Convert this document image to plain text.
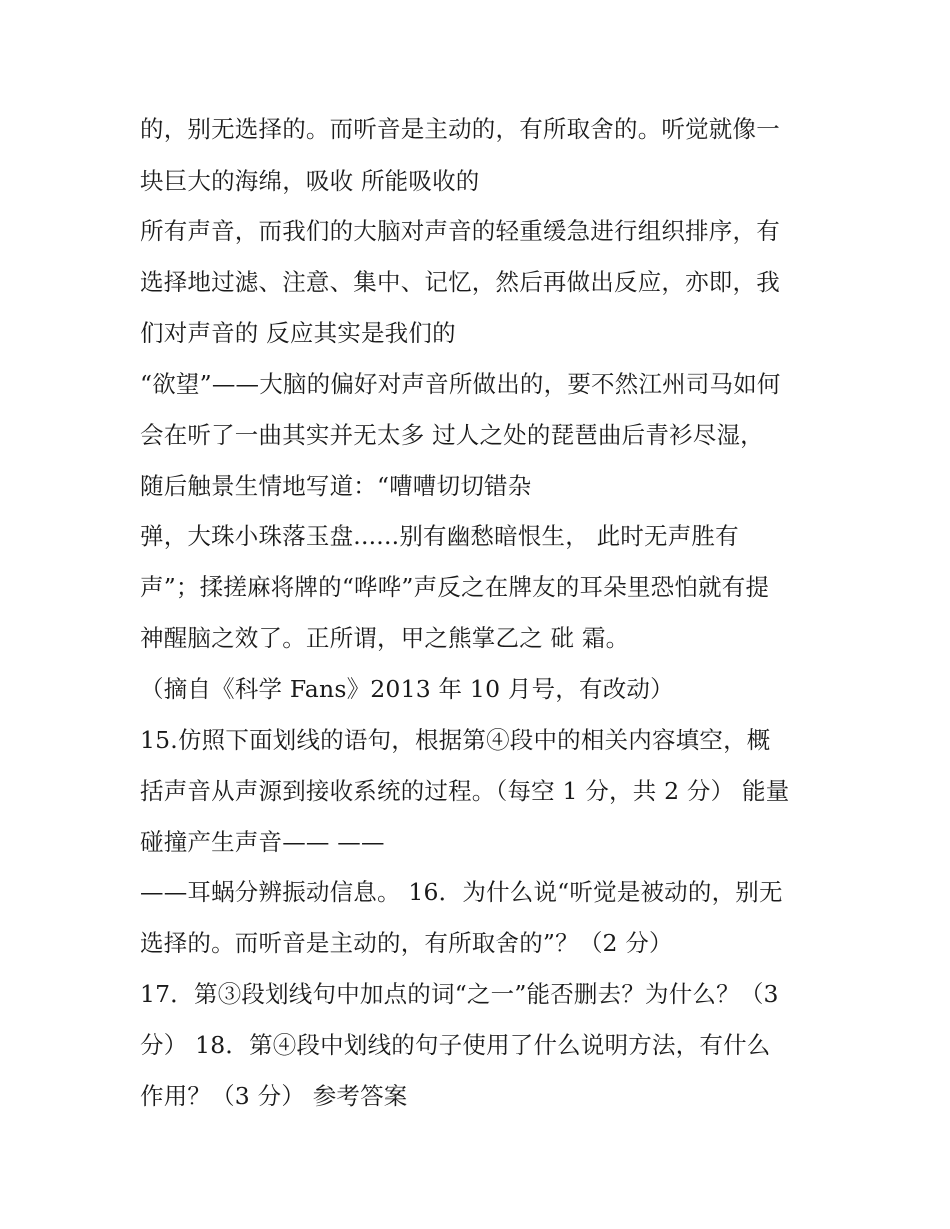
的，别无选择的。而听音是主动的，有所取舍的。听觉就像一
块巨大的海绵，吸收 所能吸收的
所有声音，而我们的大脑对声音的轻重缓急进行组织排序，有
选择地过滤、注意、集中、记忆，然后再做出反应，亦即，我
们对声音的 反应其实是我们的
“欲望”——大脑的偏好对声音所做出的，要不然江州司马如何
会在听了一曲其实并无太多 过人之处的琵琶曲后青衫尽湿，
随后触景生情地写道：“嘈嘈切切错杂
弹，大珠小珠落玉盘......别有幽愁暗恨生， 此时无声胜有
声”；揉搓麻将牌的“哗哗”声反之在牌友的耳朵里恐怕就有提
神醒脑之效了。正所谓，甲之熊掌乙之 砒 霜。
（摘自《科学 Fans》2013 年 10 月号，有改动）
15.仿照下面划线的语句，根据第④段中的相关内容填空，概
括声音从声源到接收系统的过程。（每空 1 分，共 2 分） 能量
碰撞产生声音—— ——
——耳蜗分辨振动信息。 16．为什么说“听觉是被动的，别无
选择的。而听音是主动的，有所取舍的”？（2 分）
17．第③段划线句中加点的词“之一”能否删去？为什么？（3
分） 18．第④段中划线的句子使用了什么说明方法，有什么
作用？（3 分） 参考答案
